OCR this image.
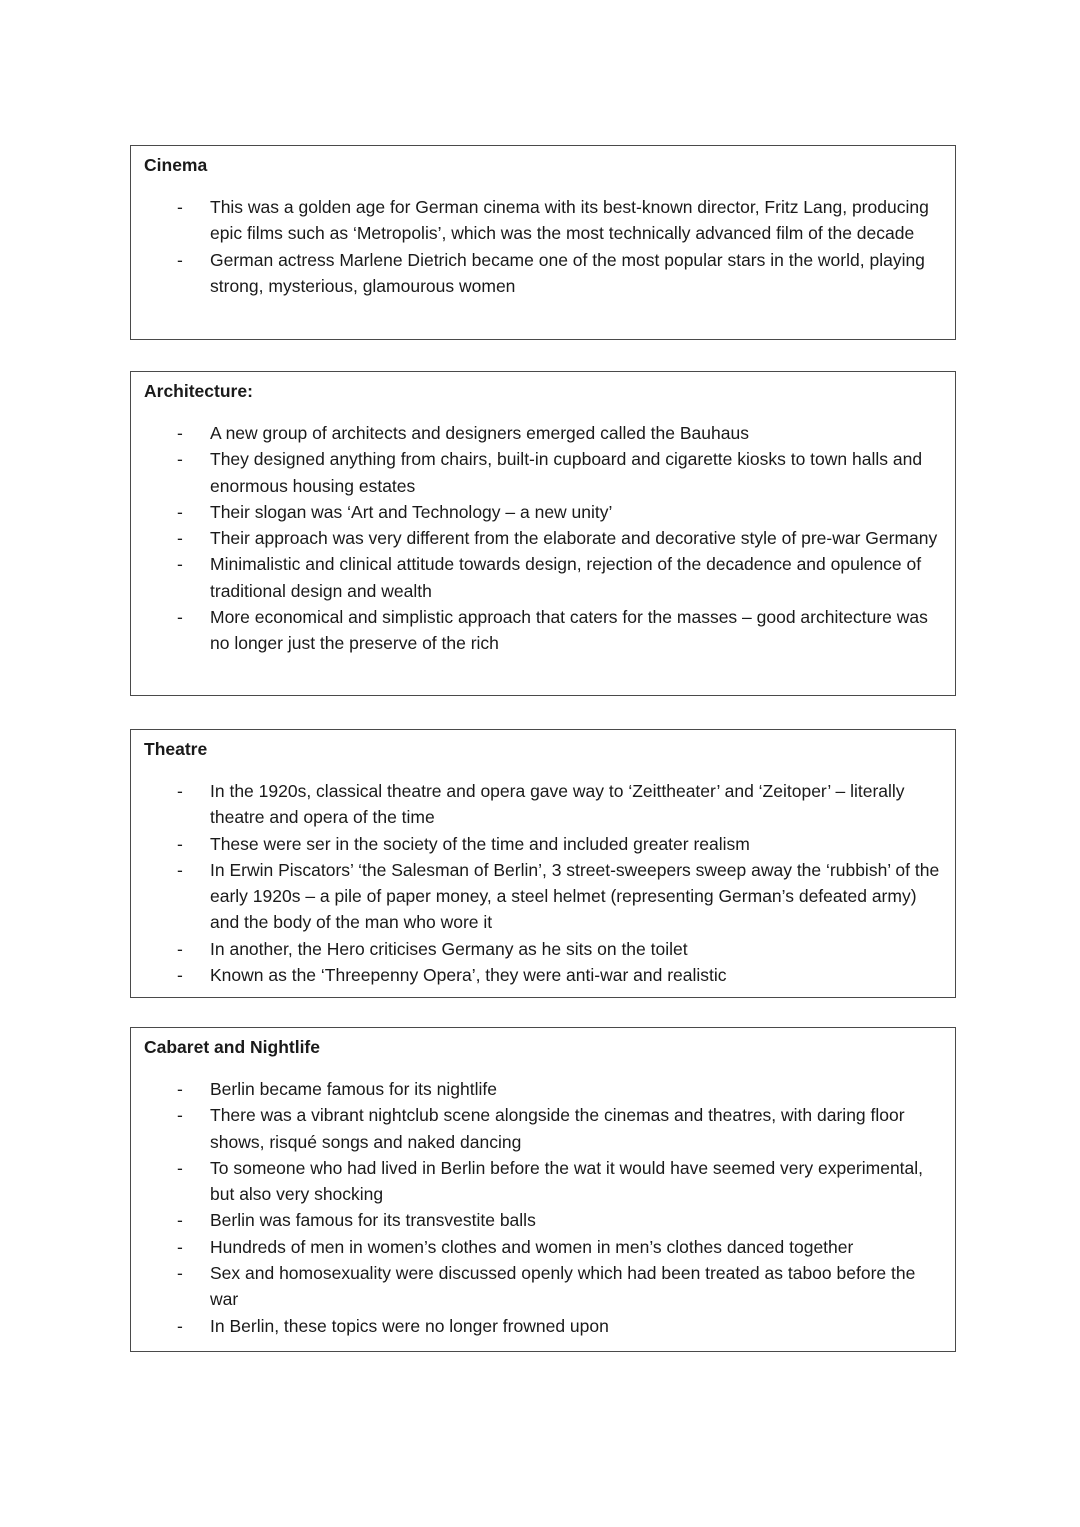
Cinema

- This was a golden age for German cinema with its best-known director, Fritz Lang, producing epic films such as ‘Metropolis’, which was the most technically advanced film of the decade
- German actress Marlene Dietrich became one of the most popular stars in the world, playing strong, mysterious, glamourous women

Architecture:

- A new group of architects and designers emerged called the Bauhaus
- They designed anything from chairs, built-in cupboard and cigarette kiosks to town halls and enormous housing estates
- Their slogan was ‘Art and Technology – a new unity’
- Their approach was very different from the elaborate and decorative style of pre-war Germany
- Minimalistic and clinical attitude towards design, rejection of the decadence and opulence of traditional design and wealth
- More economical and simplistic approach that caters for the masses – good architecture was no longer just the preserve of the rich

Theatre

- In the 1920s, classical theatre and opera gave way to ‘Zeittheater’ and ‘Zeitoper’ – literally theatre and opera of the time
- These were ser in the society of the time and included greater realism
- In Erwin Piscators’ ‘the Salesman of Berlin’, 3 street-sweepers sweep away the ‘rubbish’ of the early 1920s – a pile of paper money, a steel helmet (representing German’s defeated army) and the body of the man who wore it
- In another, the Hero criticises Germany as he sits on the toilet
- Known as the ‘Threepenny Opera’, they were anti-war and realistic

Cabaret and Nightlife

- Berlin became famous for its nightlife
- There was a vibrant nightclub scene alongside the cinemas and theatres, with daring floor shows, risqué songs and naked dancing
- To someone who had lived in Berlin before the wat it would have seemed very experimental, but also very shocking
- Berlin was famous for its transvestite balls
- Hundreds of men in women’s clothes and women in men’s clothes danced together
- Sex and homosexuality were discussed openly which had been treated as taboo before the war
- In Berlin, these topics were no longer frowned upon
